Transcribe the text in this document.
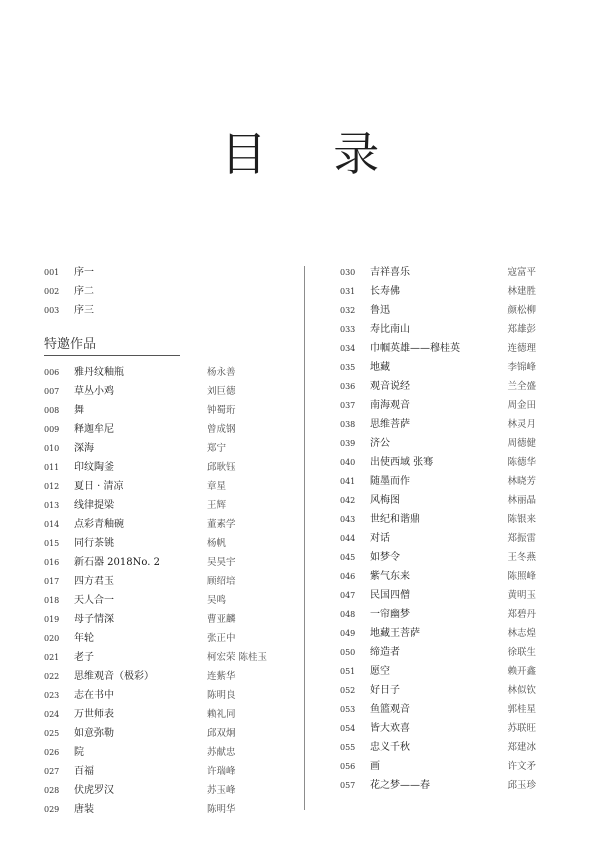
目 录
001 序一
002 序二
003 序三
特邀作品
006 雅丹纹釉瓶	杨永善
007 草丛小鸡	刘巨德
008 舞	钟蜀珩
009 释迦牟尼	曾成钢
010 深海	郑宁
011 印纹陶釜	邱耿钰
012 夏日 · 清凉	章星
013 线律提梁	王辉
014 点彩青釉碗	董素学
015 同行茶铫	杨帆
016 新石器 2018No. 2	吴昊宇
017 四方君玉	顾绍培
018 天人合一	吴鸣
019 母子情深	曹亚麟
020 年轮	张正中
021 老子	柯宏荣 陈桂玉
022 思维观音（极彩）	连紫华
023 志在书中	陈明良
024 万世师表	赖礼同
025 如意弥勒	邱双炯
026 院	苏献忠
027 百福	许瑞峰
028 伏虎罗汉	苏玉峰
029 唐装	陈明华
030 吉祥喜乐	寇富平
031 长寿佛	林建胜
032 鲁迅	颜松柳
033 寿比南山	郑雄彭
034 巾帼英雄——穆桂英	连德理
035 地藏	李锦峰
036 观音说经	兰全盛
037 南海观音	周金田
038 思维菩萨	林灵月
039 济公	周德健
040 出使西域 张骞	陈德华
041 随墨而作	林晓芳
042 风梅图	林丽晶
043 世纪和谐鼎	陈银来
044 对话	郑振雷
045 如梦令	王冬燕
046 紫气东来	陈照峰
047 民国四僧	黄明玉
048 一帘幽梦	郑碧丹
049 地藏王菩萨	林志煌
050 缔造者	徐联生
051 愿空	赖开鑫
052 好日子	林似钦
053 鱼篮观音	郭桂星
054 皆大欢喜	苏联旺
055 忠义千秋	郑建冰
056 画	许文矛
057 花之梦——春	邱玉珍
